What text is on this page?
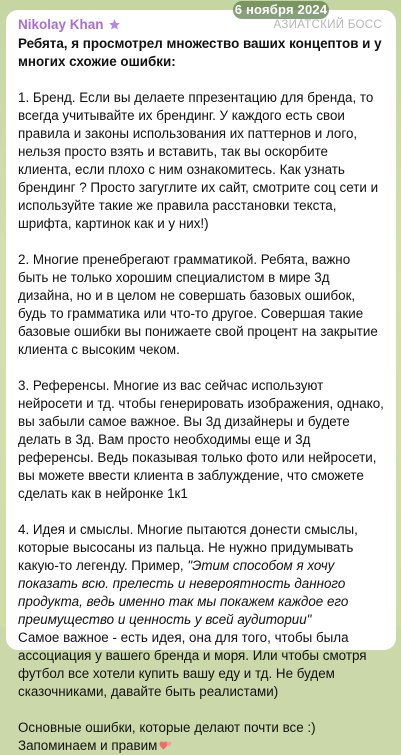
6 ноября 2024
Nikolay Khan	АЗИАТСКИЙ БОСС

Ребята, я просмотрел множество ваших концептов и у многих схожие ошибки:

1. Бренд. Если вы делаете ппрезентацию для бренда, то всегда учитывайте их брендинг. У каждого есть свои правила и законы использования их паттернов и лого, нельзя просто взять и вставить, так вы оскорбите клиента, если плохо с ним ознакомитесь. Как узнать брендинг ? Просто загуглите их сайт, смотрите соц сети и используйте такие же правила расстановки текста, шрифта, картинок как и у них!)

2. Многие пренебрегают грамматикой. Ребята, важно быть не только хорошим специалистом в мире 3д дизайна, но и в целом не совершать базовых ошибок, будь то грамматика или что-то другое. Совершая такие базовые ошибки вы понижаете свой процент на закрытие клиента с высоким чеком.

3. Референсы. Многие из вас сейчас используют нейросети и тд. чтобы генерировать изображения, однако, вы забыли самое важное. Вы 3д дизайнеры и будете делать в 3д. Вам просто необходимы еще и 3д референсы. Ведь показывая только фото или нейросети, вы можете ввести клиента в заблуждение, что сможете сделать как в нейронке 1к1

4. Идея и смыслы. Многие пытаются донести смыслы, которые высосаны из пальца. Не нужно придумывать какую-то легенду. Пример, "Этим способом я хочу показать всю. прелесть и невероятность данного продукта, ведь именно так мы покажем каждое его преимущество и ценность у всей аудитории"
Самое важное - есть идея, она для того, чтобы была ассоциация у вашего бренда и моря. Или чтобы смотря футбол все хотели купить вашу еду и тд. Не будем сказочниками, давайте быть реалистами)

Основные ошибки, которые делают почти все :) Запоминаем и правим
